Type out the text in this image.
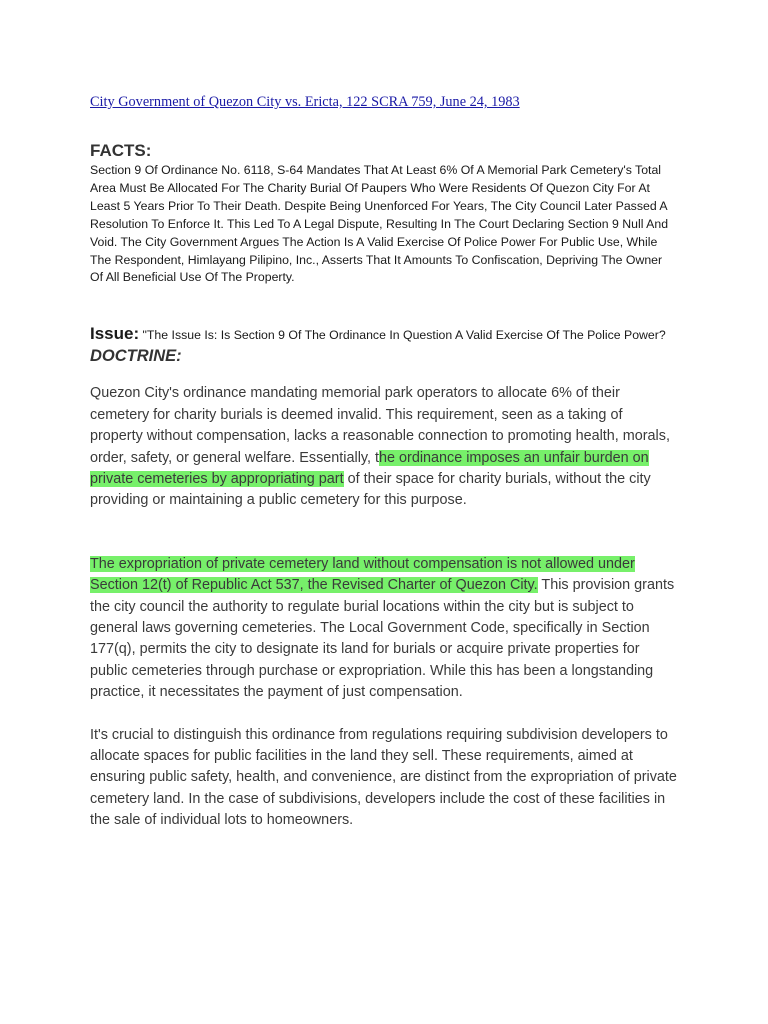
City Government of Quezon City vs. Ericta, 122 SCRA 759, June 24, 1983
FACTS:
Section 9 Of Ordinance No. 6118, S-64 Mandates That At Least 6% Of A Memorial Park Cemetery's Total Area Must Be Allocated For The Charity Burial Of Paupers Who Were Residents Of Quezon City For At Least 5 Years Prior To Their Death. Despite Being Unenforced For Years, The City Council Later Passed A Resolution To Enforce It. This Led To A Legal Dispute, Resulting In The Court Declaring Section 9 Null And Void. The City Government Argues The Action Is A Valid Exercise Of Police Power For Public Use, While The Respondent, Himlayang Pilipino, Inc., Asserts That It Amounts To Confiscation, Depriving The Owner Of All Beneficial Use Of The Property.
Issue: "The Issue Is: Is Section 9 Of The Ordinance In Question A Valid Exercise Of The Police Power?
DOCTRINE:
Quezon City's ordinance mandating memorial park operators to allocate 6% of their cemetery for charity burials is deemed invalid. This requirement, seen as a taking of property without compensation, lacks a reasonable connection to promoting health, morals, order, safety, or general welfare. Essentially, the ordinance imposes an unfair burden on private cemeteries by appropriating part of their space for charity burials, without the city providing or maintaining a public cemetery for this purpose.
The expropriation of private cemetery land without compensation is not allowed under Section 12(t) of Republic Act 537, the Revised Charter of Quezon City. This provision grants the city council the authority to regulate burial locations within the city but is subject to general laws governing cemeteries. The Local Government Code, specifically in Section 177(q), permits the city to designate its land for burials or acquire private properties for public cemeteries through purchase or expropriation. While this has been a longstanding practice, it necessitates the payment of just compensation.
It's crucial to distinguish this ordinance from regulations requiring subdivision developers to allocate spaces for public facilities in the land they sell. These requirements, aimed at ensuring public safety, health, and convenience, are distinct from the expropriation of private cemetery land. In the case of subdivisions, developers include the cost of these facilities in the sale of individual lots to homeowners.
